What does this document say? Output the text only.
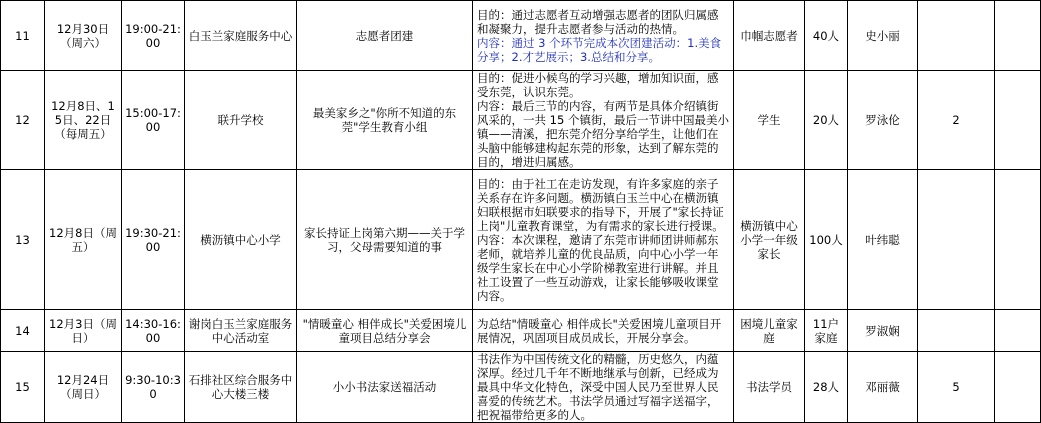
11	12月30日（周六）	19:00-21:00	白玉兰家庭服务中心	志愿者团建	目的：通过志愿者互动增强志愿者的团队归属感和凝聚力，提升志愿者参与活动的热情。
内容：通过 3 个环节完成本次团建活动：1.美食分享；2.才艺展示；3.总结和分享。	巾帼志愿者	40人	史小丽		
12	12月8日、15日、22日（每周五）	15:00-17:00	联升学校	最美家乡之"你所不知道的东莞"学生教育小组	目的：促进小候鸟的学习兴趣，增加知识面，感受东莞，认识东莞。
内容：最后三节的内容，有两节是具体介绍镇街风采的，一共 15 个镇街，最后一节讲中国最美小镇——清溪，把东莞介绍分享给学生，让他们在头脑中能够建构起东莞的形象，达到了解东莞的目的，增进归属感。	学生	20人	罗泳伦	2	
13	12月8日（周五）	19:30-21:00	横沥镇中心小学	家长持证上岗第六期——关于学习，父母需要知道的事	目的：由于社工在走访发现，有许多家庭的亲子关系存在许多问题。横沥镇白玉兰中心在横沥镇妇联根据市妇联要求的指导下，开展了"家长持证上岗"儿童教育课堂，为有需求的家长进行授课。
内容：本次课程，邀请了东莞市讲师团讲师郝东老师，就培养儿童的优良品质，向中心小学一年级学生家长在中心小学阶梯教室进行讲解。并且社工设置了一些互动游戏，让家长能够吸收课堂内容。	横沥镇中心小学一年级家长	100人	叶纬聪		
14	12月3日（周日）	14:30-16:00	谢岗白玉兰家庭服务中心活动室	"情暖童心 相伴成长"关爱困境儿童项目总结分享会	为总结"情暖童心 相伴成长"关爱困境儿童项目开展情况，巩固项目成员成长，开展分享会。	困境儿童家庭	11户家庭	罗淑娴		
15	12月24日（周日）	9:30-10:30	石排社区综合服务中心大楼三楼	小小书法家送福活动	书法作为中国传统文化的精髓，历史悠久，内蕴深厚。经过几千年不断地继承与创新，已经成为最具中华文化特色，深受中国人民乃至世界人民喜爱的传统艺术。书法学员通过写福字送福字，把祝福带给更多的人。	书法学员	28人	邓丽薇	5	
